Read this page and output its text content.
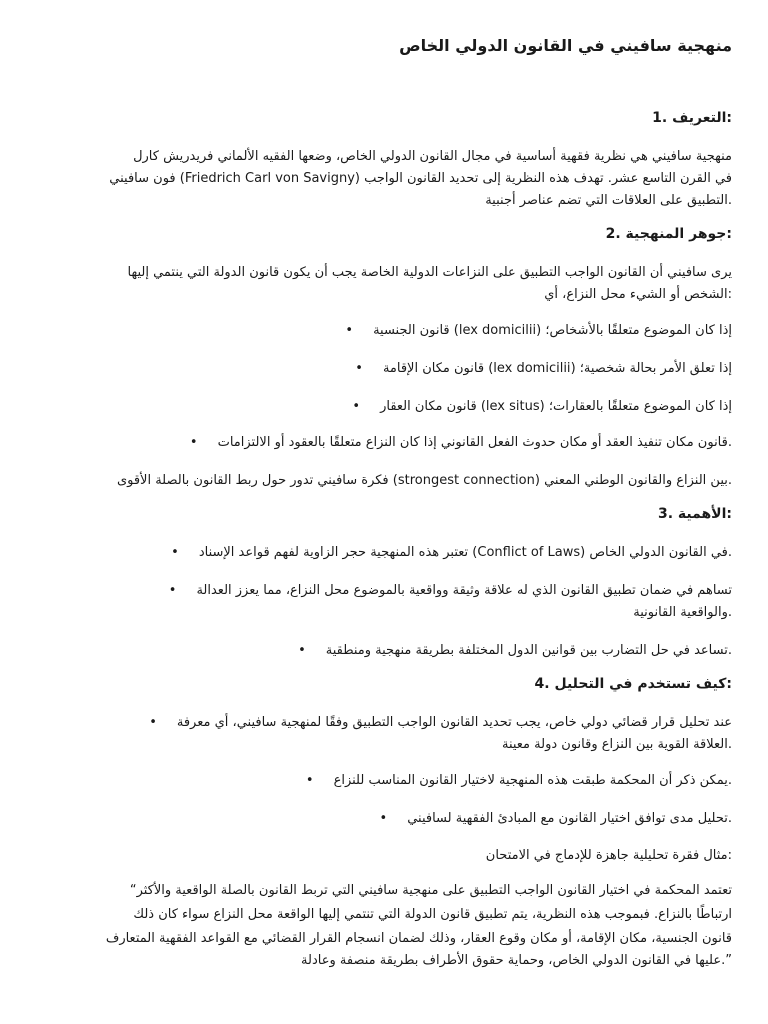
منهجية سافيني في القانون الدولي الخاص
:التعريف .1

منهجية سافيني هي نظرية فقهية أساسية في مجال القانون الدولي الخاص، وضعها الفقيه الألماني فريدريش كارل

في القرن التاسع عشر. تهدف هذه النظرية إلى تحديد القانون الواجب (Friedrich Carl von Savigny) فون سافيني

.التطبيق على العلاقات التي تضم عناصر أجنبية

:جوهر المنهجية .2

يرى سافيني أن القانون الواجب التطبيق على النزاعات الدولية الخاصة يجب أن يكون قانون الدولة التي ينتمي إليها

:الشخص أو الشيء محل النزاع، أي

إذا كان الموضوع متعلقًا بالأشخاص؛ (lex domicilii) قانون الجنسية•

إذا تعلق الأمر بحالة شخصية؛ (lex domicilii) قانون مكان الإقامة•

إذا كان الموضوع متعلقًا بالعقارات؛ (lex situs) قانون مكان العقار•

.قانون مكان تنفيذ العقد أو مكان حدوث الفعل القانوني إذا كان النزاع متعلقًا بالعقود أو الالتزامات•

.بين النزاع والقانون الوطني المعني (strongest connection) فكرة سافيني تدور حول ربط القانون بالصلة الأقوى

:الأهمية .3

.في القانون الدولي الخاص (Conflict of Laws) تعتبر هذه المنهجية حجر الزاوية لفهم قواعد الإسناد•

تساهم في ضمان تطبيق القانون الذي له علاقة وثيقة وواقعية بالموضوع محل النزاع، مما يعزز العدالة•

.والواقعية القانونية

.تساعد في حل التضارب بين قوانين الدول المختلفة بطريقة منهجية ومنطقية•

:كيف تستخدم في التحليل .4

عند تحليل قرار قضائي دولي خاص، يجب تحديد القانون الواجب التطبيق وفقًا لمنهجية سافيني، أي معرفة•

.العلاقة القوية بين النزاع وقانون دولة معينة

.يمكن ذكر أن المحكمة طبقت هذه المنهجية لاختيار القانون المناسب للنزاع•

.تحليل مدى توافق اختيار القانون مع المبادئ الفقهية لسافيني•

:مثال فقرة تحليلية جاهزة للإدماج في الامتحان

تعتمد المحكمة في اختيار القانون الواجب التطبيق على منهجية سافيني التي تربط القانون بالصلة الواقعية والأكثر“

ارتباطًا بالنزاع. فبموجب هذه النظرية، يتم تطبيق قانون الدولة التي تنتمي إليها الواقعة محل النزاع سواء كان ذلك

قانون الجنسية، مكان الإقامة، أو مكان وقوع العقار، وذلك لضمان انسجام القرار القضائي مع القواعد الفقهية المتعارف

”.عليها في القانون الدولي الخاص، وحماية حقوق الأطراف بطريقة منصفة وعادلة
